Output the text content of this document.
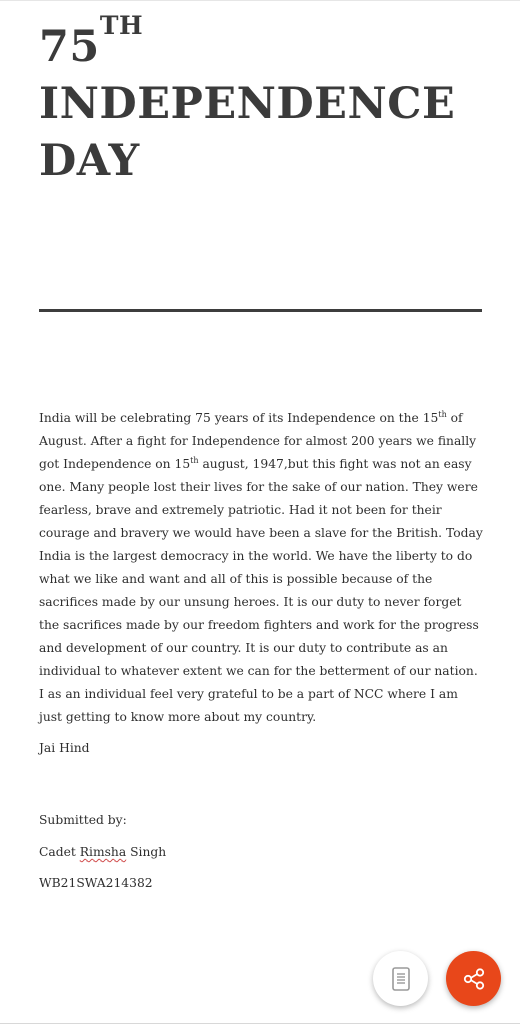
75TH
INDEPENDENCE
DAY

India will be celebrating 75 years of its Independence on the 15th of August. After a fight for Independence for almost 200 years we finally got Independence on 15th august, 1947,but this fight was not an easy one. Many people lost their lives for the sake of our nation. They were fearless, brave and extremely patriotic. Had it not been for their courage and bravery we would have been a slave for the British. Today India is the largest democracy in the world. We have the liberty to do what we like and want and all of this is possible because of the sacrifices made by our unsung heroes. It is our duty to never forget the sacrifices made by our freedom fighters and work for the progress and development of our country. It is our duty to contribute as an individual to whatever extent we can for the betterment of our nation. I as an individual feel very grateful to be a part of NCC where I am just getting to know more about my country.

Jai Hind

Submitted by:

Cadet Rimsha Singh

WB21SWA214382
